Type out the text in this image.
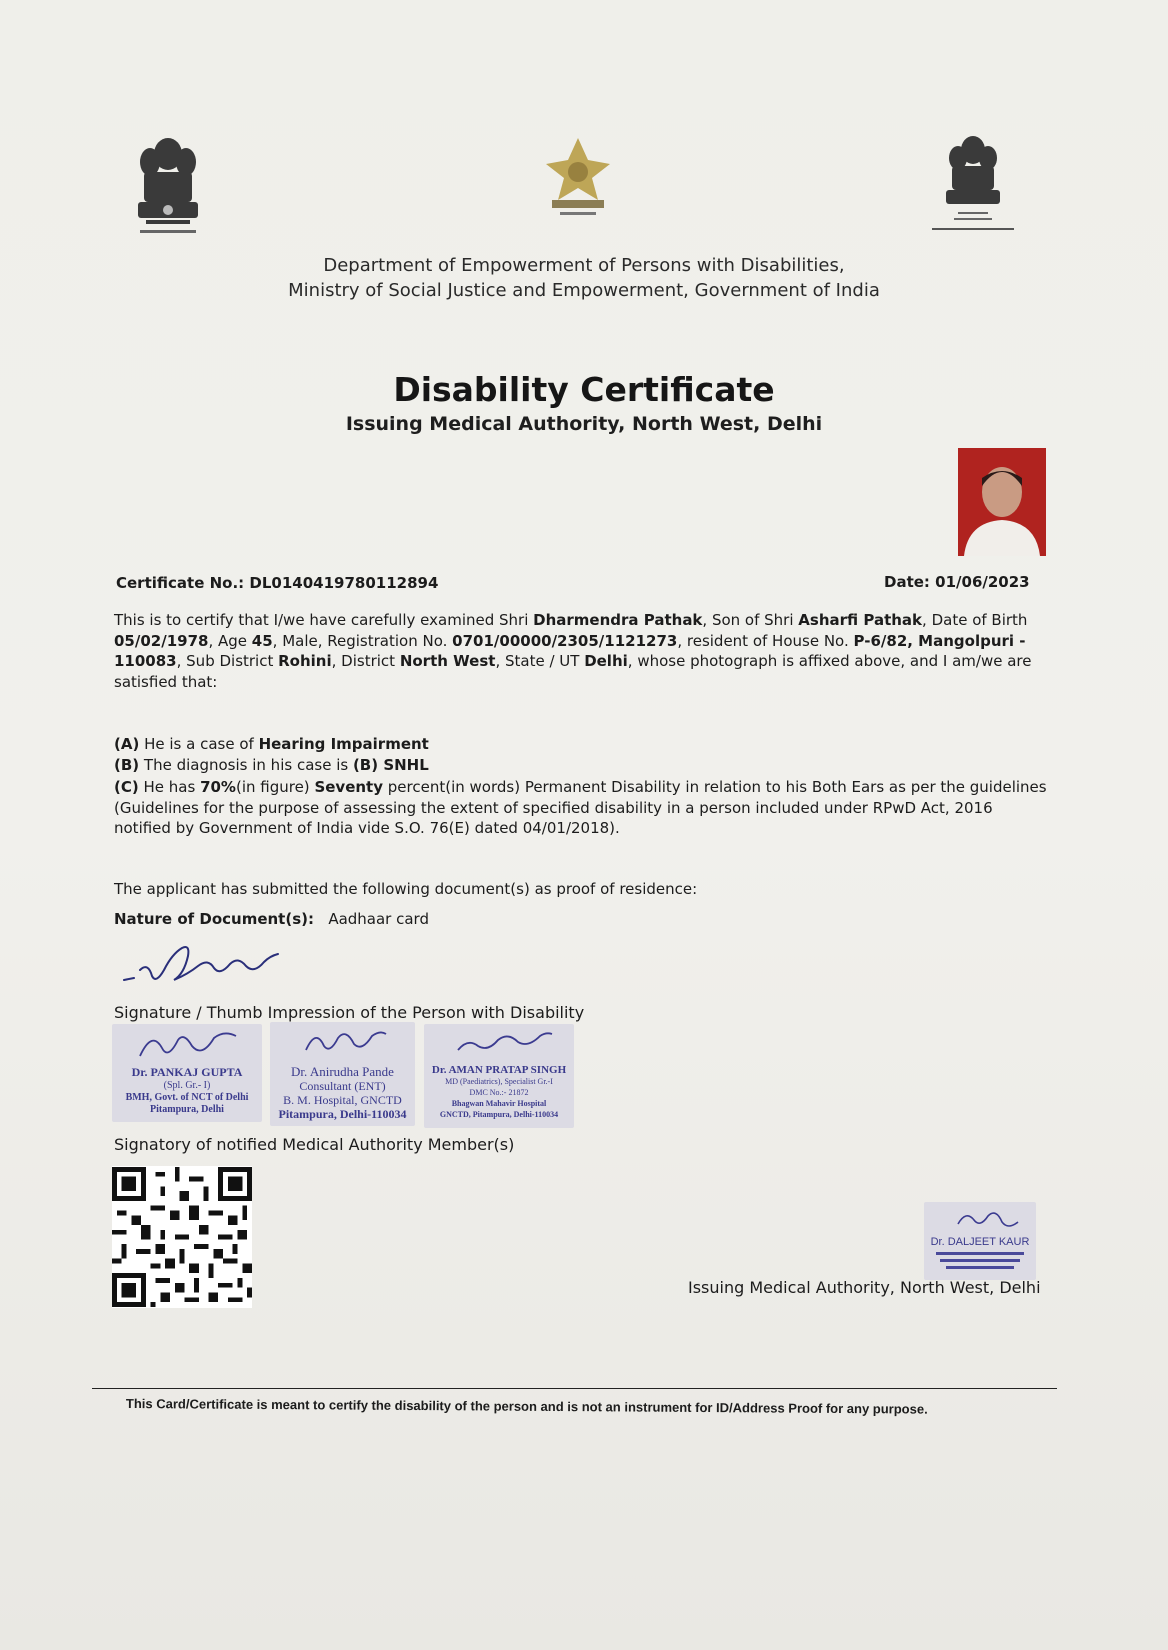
Department of Empowerment of Persons with Disabilities,
Ministry of Social Justice and Empowerment, Government of India
Disability Certificate
Issuing Medical Authority, North West, Delhi
Certificate No.: DL0140419780112894	Date: 01/06/2023
This is to certify that I/we have carefully examined Shri Dharmendra Pathak, Son of Shri Asharfi Pathak, Date of Birth 05/02/1978, Age 45, Male, Registration No. 0701/00000/2305/1121273, resident of House No. P-6/82, Mangolpuri - 110083, Sub District Rohini, District North West, State / UT Delhi, whose photograph is affixed above, and I am/we are satisfied that:
(A) He is a case of Hearing Impairment
(B) The diagnosis in his case is (B) SNHL
(C) He has 70%(in figure) Seventy percent(in words) Permanent Disability in relation to his Both Ears as per the guidelines (Guidelines for the purpose of assessing the extent of specified disability in a person included under RPwD Act, 2016 notified by Government of India vide S.O. 76(E) dated 04/01/2018).
The applicant has submitted the following document(s) as proof of residence:
Nature of Document(s): Aadhaar card
Signature / Thumb Impression of the Person with Disability
Dr. PANKAJ GUPTA
(Spl. Gr.- I)
BMH, Govt. of NCT of Delhi
Pitampura, Delhi
Dr. Anirudha Pande
Consultant (ENT)
B. M. Hospital, GNCTD
Pitampura, Delhi-110034
Dr. AMAN PRATAP SINGH
MD (Paediatrics), Specialist Gr.-I
DMC No.:- 21872
Bhagwan Mahavir Hospital
GNCTD, Pitampura, Delhi-110034
Signatory of notified Medical Authority Member(s)
Dr. DALJEET KAUR
Issuing Medical Authority, North West, Delhi
This Card/Certificate is meant to certify the disability of the person and is not an instrument for ID/Address Proof for any purpose.
